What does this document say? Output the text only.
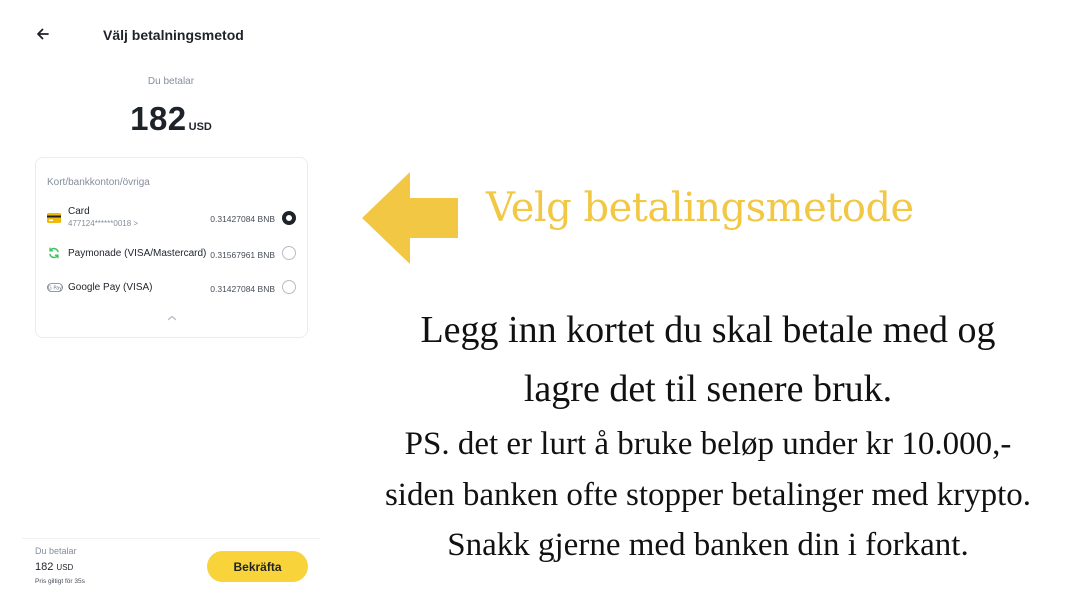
Välj betalningsmetod
Du betalar
182 USD
Kort/bankkonton/övriga
Card
477124******0018 >	0.31427084 BNB
Paymonade (VISA/Mastercard) 0.31567961 BNB
G Pay Google Pay (VISA)	0.31427084 BNB
Du betalar
182 USD
Pris giltigt för 35s
Bekräfta
Velg betalingsmetode
Legg inn kortet du skal betale med og
lagre det til senere bruk.
PS. det er lurt å bruke beløp under kr 10.000,-
siden banken ofte stopper betalinger med krypto.
Snakk gjerne med banken din i forkant.
